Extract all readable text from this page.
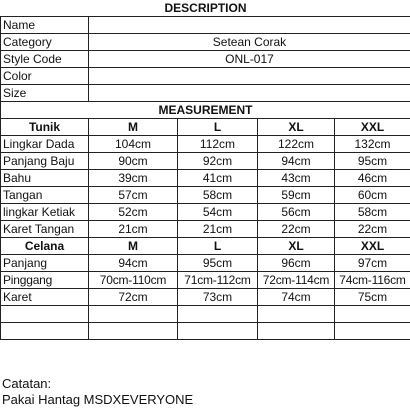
DESCRIPTION				
Name				
Category	Setean Corak			
Style Code	ONL-017			
Color				
Size				
MEASUREMENT				
Tunik	M	L	XL	XXL
Lingkar Dada	104cm	112cm	122cm	132cm
Panjang Baju	90cm	92cm	94cm	95cm
Bahu	39cm	41cm	43cm	46cm
Tangan	57cm	58cm	59cm	60cm
lingkar Ketiak	52cm	54cm	56cm	58cm
Karet Tangan	21cm	21cm	22cm	22cm
Celana	M	L	XL	XXL
Panjang	94cm	95cm	96cm	97cm
Pinggang	70cm-110cm	71cm-112cm	72cm-114cm	74cm-116cm
Karet	72cm	73cm	74cm	75cm

Catatan:
Pakai Hantag MSDXEVERYONE
